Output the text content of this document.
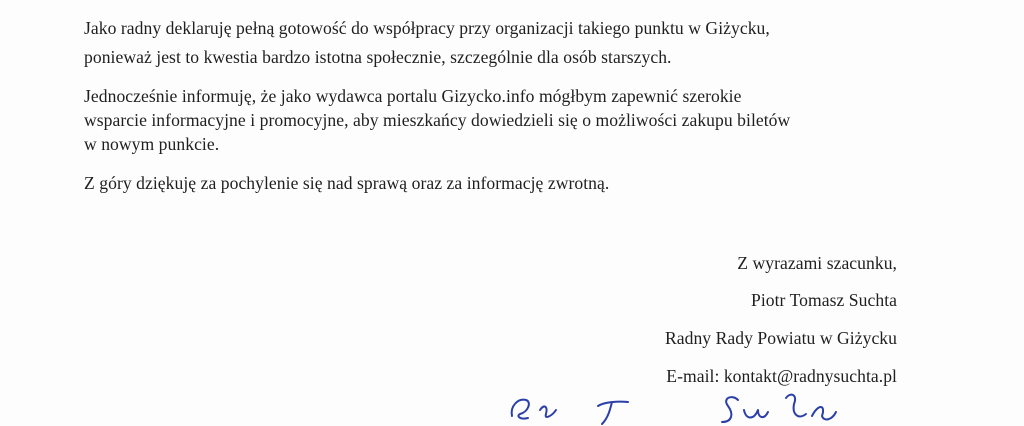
Jako radny deklaruję pełną gotowość do współpracy przy organizacji takiego punktu w Giżycku,
ponieważ jest to kwestia bardzo istotna społecznie, szczególnie dla osób starszych.
Jednocześnie informuję, że jako wydawca portalu Gizycko.info mógłbym zapewnić szerokie
wsparcie informacyjne i promocyjne, aby mieszkańcy dowiedzieli się o możliwości zakupu biletów
w nowym punkcie.
Z góry dziękuję za pochylenie się nad sprawą oraz za informację zwrotną.
Z wyrazami szacunku,
Piotr Tomasz Suchta
Radny Rady Powiatu w Giżycku
E-mail: kontakt@radnysuchta.pl
